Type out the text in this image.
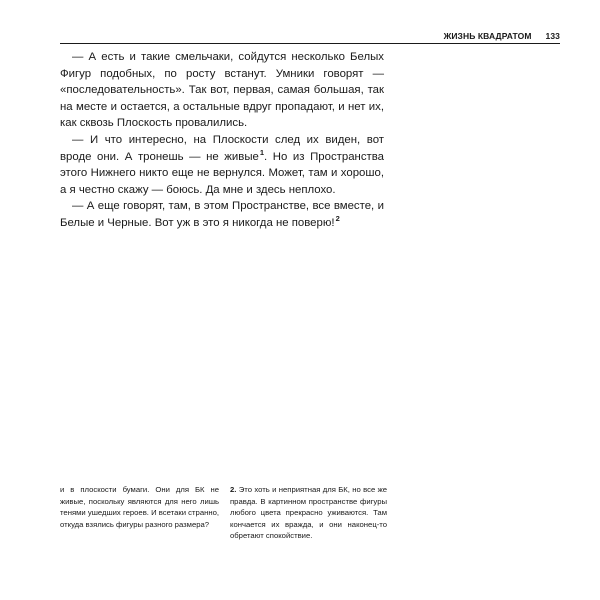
ЖИЗНЬ КВАДРАТОМ 133

— А есть и такие смельчаки, сойдутся несколько Белых Фигур подобных, по росту встанут. Умники говорят — «последовательность». Так вот, первая, самая большая, так на месте и остается, а остальные вдруг пропадают, и нет их, как сквозь Плоскость провалились.

— И что интересно, на Плоскости след их виден, вот вроде они. А тронешь — не живые$^1$. Но из Пространства этого Нижнего никто еще не вернулся. Может, там и хорошо, а я честно скажу — боюсь. Да мне и здесь неплохо.

— А еще говорят, там, в этом Пространстве, все вместе, и Белые и Черные. Вот уж в это я никогда не поверю!$^2$

и в плоскости бумаги. Они для БК не живые, поскольку являются для него лишь тенями ушедших героев. И всетаки странно, откуда взялись фигуры разного размера?
2. Это хоть и неприятная для БК, но все же правда. В картинном пространстве фигуры любого цвета прекрасно уживаются. Там кончается их вражда, и они наконец-то обретают спокойствие.
